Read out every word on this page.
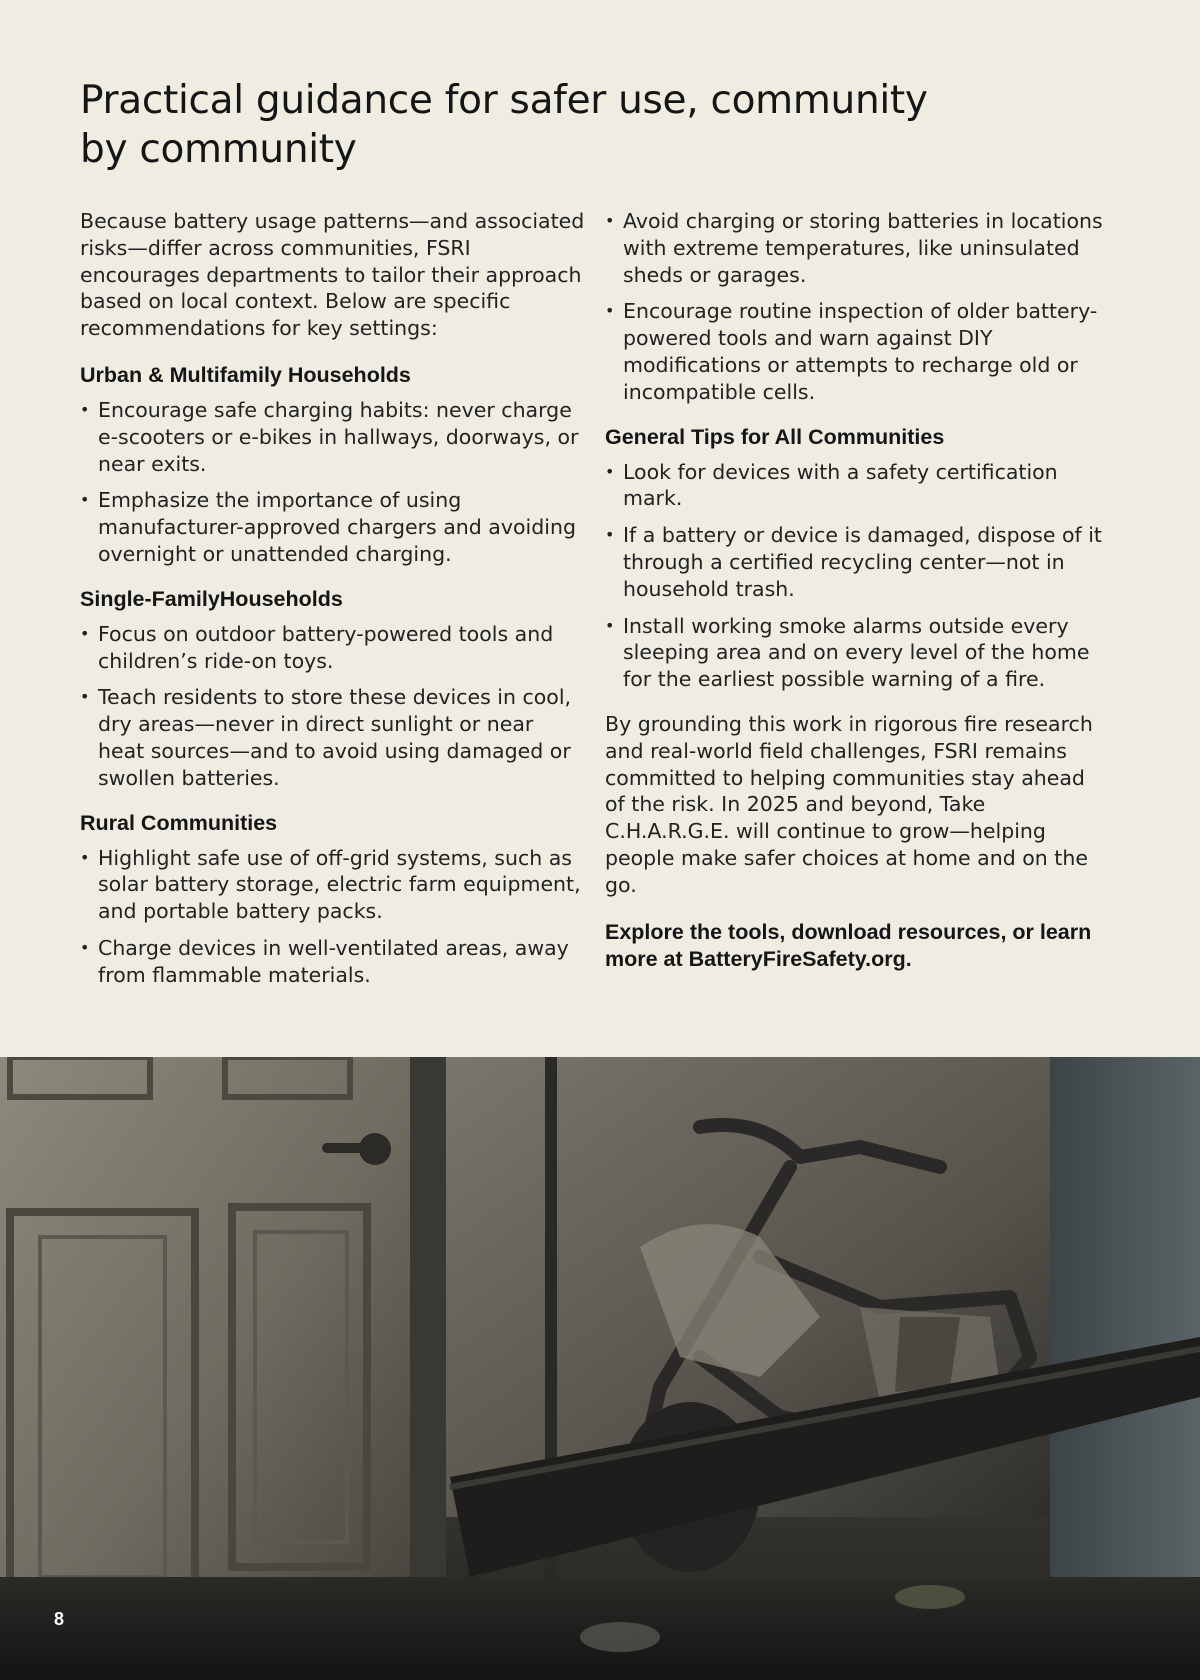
Practical guidance for safer use, community by community

Because battery usage patterns—and associated risks—differ across communities, FSRI encourages departments to tailor their approach based on local context. Below are specific recommendations for key settings:

Urban & Multifamily Households
• Encourage safe charging habits: never charge e-scooters or e-bikes in hallways, doorways, or near exits.
• Emphasize the importance of using manufacturer-approved chargers and avoiding overnight or unattended charging.
Single-FamilyHouseholds
• Focus on outdoor battery-powered tools and children’s ride-on toys.
• Teach residents to store these devices in cool, dry areas—never in direct sunlight or near heat sources—and to avoid using damaged or swollen batteries.
Rural Communities
• Highlight safe use of off-grid systems, such as solar battery storage, electric farm equipment, and portable battery packs.
• Charge devices in well-ventilated areas, away from flammable materials.
• Avoid charging or storing batteries in locations with extreme temperatures, like uninsulated sheds or garages.
• Encourage routine inspection of older battery-powered tools and warn against DIY modifications or attempts to recharge old or incompatible cells.
General Tips for All Communities
• Look for devices with a safety certification mark.
• If a battery or device is damaged, dispose of it through a certified recycling center—not in household trash.
• Install working smoke alarms outside every sleeping area and on every level of the home for the earliest possible warning of a fire.

By grounding this work in rigorous fire research and real-world field challenges, FSRI remains committed to helping communities stay ahead of the risk. In 2025 and beyond, Take C.H.A.R.G.E. will continue to grow—helping people make safer choices at home and on the go.

Explore the tools, download resources, or learn more at BatteryFireSafety.org.

8
